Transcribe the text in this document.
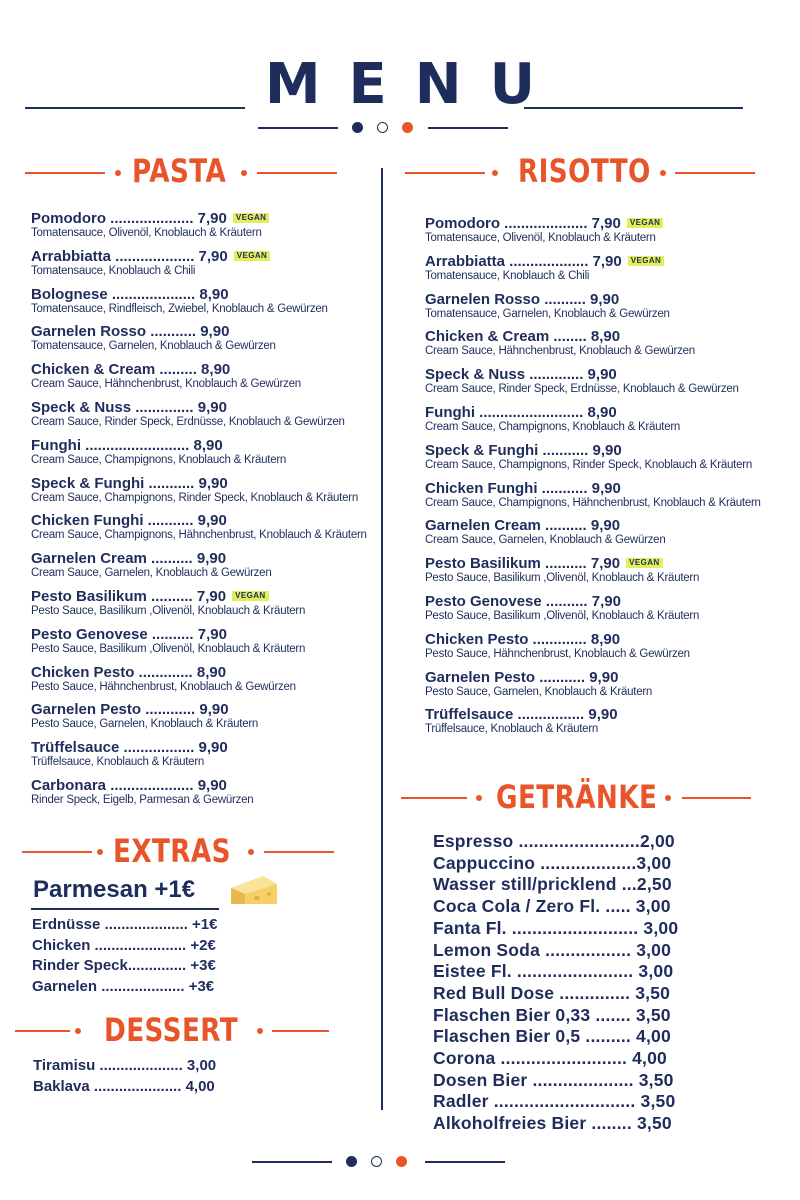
MENU
PASTA	RISOTTO
Pomodoro .................... 7,90 VEGAN
Tomatensauce, Olivenöl, Knoblauch & Kräutern
Arrabbiatta ................... 7,90 VEGAN
Tomatensauce, Knoblauch & Chili
Bolognese .................... 8,90
Tomatensauce, Rindfleisch, Zwiebel, Knoblauch & Gewürzen
Garnelen Rosso ........... 9,90
Tomatensauce, Garnelen, Knoblauch & Gewürzen
Chicken & Cream ......... 8,90
Cream Sauce, Hähnchenbrust, Knoblauch & Gewürzen
Speck & Nuss .............. 9,90
Cream Sauce, Rinder Speck, Erdnüsse, Knoblauch & Gewürzen
Funghi ......................... 8,90
Cream Sauce, Champignons, Knoblauch & Kräutern
Speck & Funghi ........... 9,90
Cream Sauce, Champignons, Rinder Speck, Knoblauch & Kräutern
Chicken Funghi ........... 9,90
Cream Sauce, Champignons, Hähnchenbrust, Knoblauch & Kräutern
Garnelen Cream .......... 9,90
Cream Sauce, Garnelen, Knoblauch & Gewürzen
Pesto Basilikum .......... 7,90 VEGAN
Pesto Sauce, Basilikum ,Olivenöl, Knoblauch & Kräutern
Pesto Genovese .......... 7,90
Pesto Sauce, Basilikum ,Olivenöl, Knoblauch & Kräutern
Chicken Pesto ............. 8,90
Pesto Sauce, Hähnchenbrust, Knoblauch & Gewürzen
Garnelen Pesto ............ 9,90
Pesto Sauce, Garnelen, Knoblauch & Kräutern
Trüffelsauce ................. 9,90
Trüffelsauce, Knoblauch & Kräutern
Carbonara .................... 9,90
Rinder Speck, Eigelb, Parmesan & Gewürzen
Pomodoro .................... 7,90 VEGAN
Tomatensauce, Olivenöl, Knoblauch & Kräutern
Arrabbiatta ................... 7,90 VEGAN
Tomatensauce, Knoblauch & Chili
Garnelen Rosso .......... 9,90
Tomatensauce, Garnelen, Knoblauch & Gewürzen
Chicken & Cream ........ 8,90
Cream Sauce, Hähnchenbrust, Knoblauch & Gewürzen
Speck & Nuss ............. 9,90
Cream Sauce, Rinder Speck, Erdnüsse, Knoblauch & Gewürzen
Funghi ......................... 8,90
Cream Sauce, Champignons, Knoblauch & Kräutern
Speck & Funghi ........... 9,90
Cream Sauce, Champignons, Rinder Speck, Knoblauch & Kräutern
Chicken Funghi ........... 9,90
Cream Sauce, Champignons, Hähnchenbrust, Knoblauch & Kräutern
Garnelen Cream .......... 9,90
Cream Sauce, Garnelen, Knoblauch & Gewürzen
Pesto Basilikum .......... 7,90 VEGAN
Pesto Sauce, Basilikum ,Olivenöl, Knoblauch & Kräutern
Pesto Genovese .......... 7,90
Pesto Sauce, Basilikum ,Olivenöl, Knoblauch & Kräutern
Chicken Pesto ............. 8,90
Pesto Sauce, Hähnchenbrust, Knoblauch & Gewürzen
Garnelen Pesto ........... 9,90
Pesto Sauce, Garnelen, Knoblauch & Kräutern
Trüffelsauce ................ 9,90
Trüffelsauce, Knoblauch & Kräutern
EXTRAS
Parmesan +1€
Erdnüsse .................... +1€
Chicken ...................... +2€
Rinder Speck.............. +3€
Garnelen .................... +3€
DESSERT
Tiramisu .................... 3,00
Baklava ..................... 4,00
GETRÄNKE
Espresso ........................2,00
Cappuccino ...................3,00
Wasser still/pricklend ...2,50
Coca Cola / Zero Fl. ..... 3,00
Fanta Fl. ......................... 3,00
Lemon Soda ................. 3,00
Eistee Fl. ....................... 3,00
Red Bull Dose .............. 3,50
Flaschen Bier 0,33 ....... 3,50
Flaschen Bier 0,5 ......... 4,00
Corona ......................... 4,00
Dosen Bier .................... 3,50
Radler ............................ 3,50
Alkoholfreies Bier ........ 3,50
